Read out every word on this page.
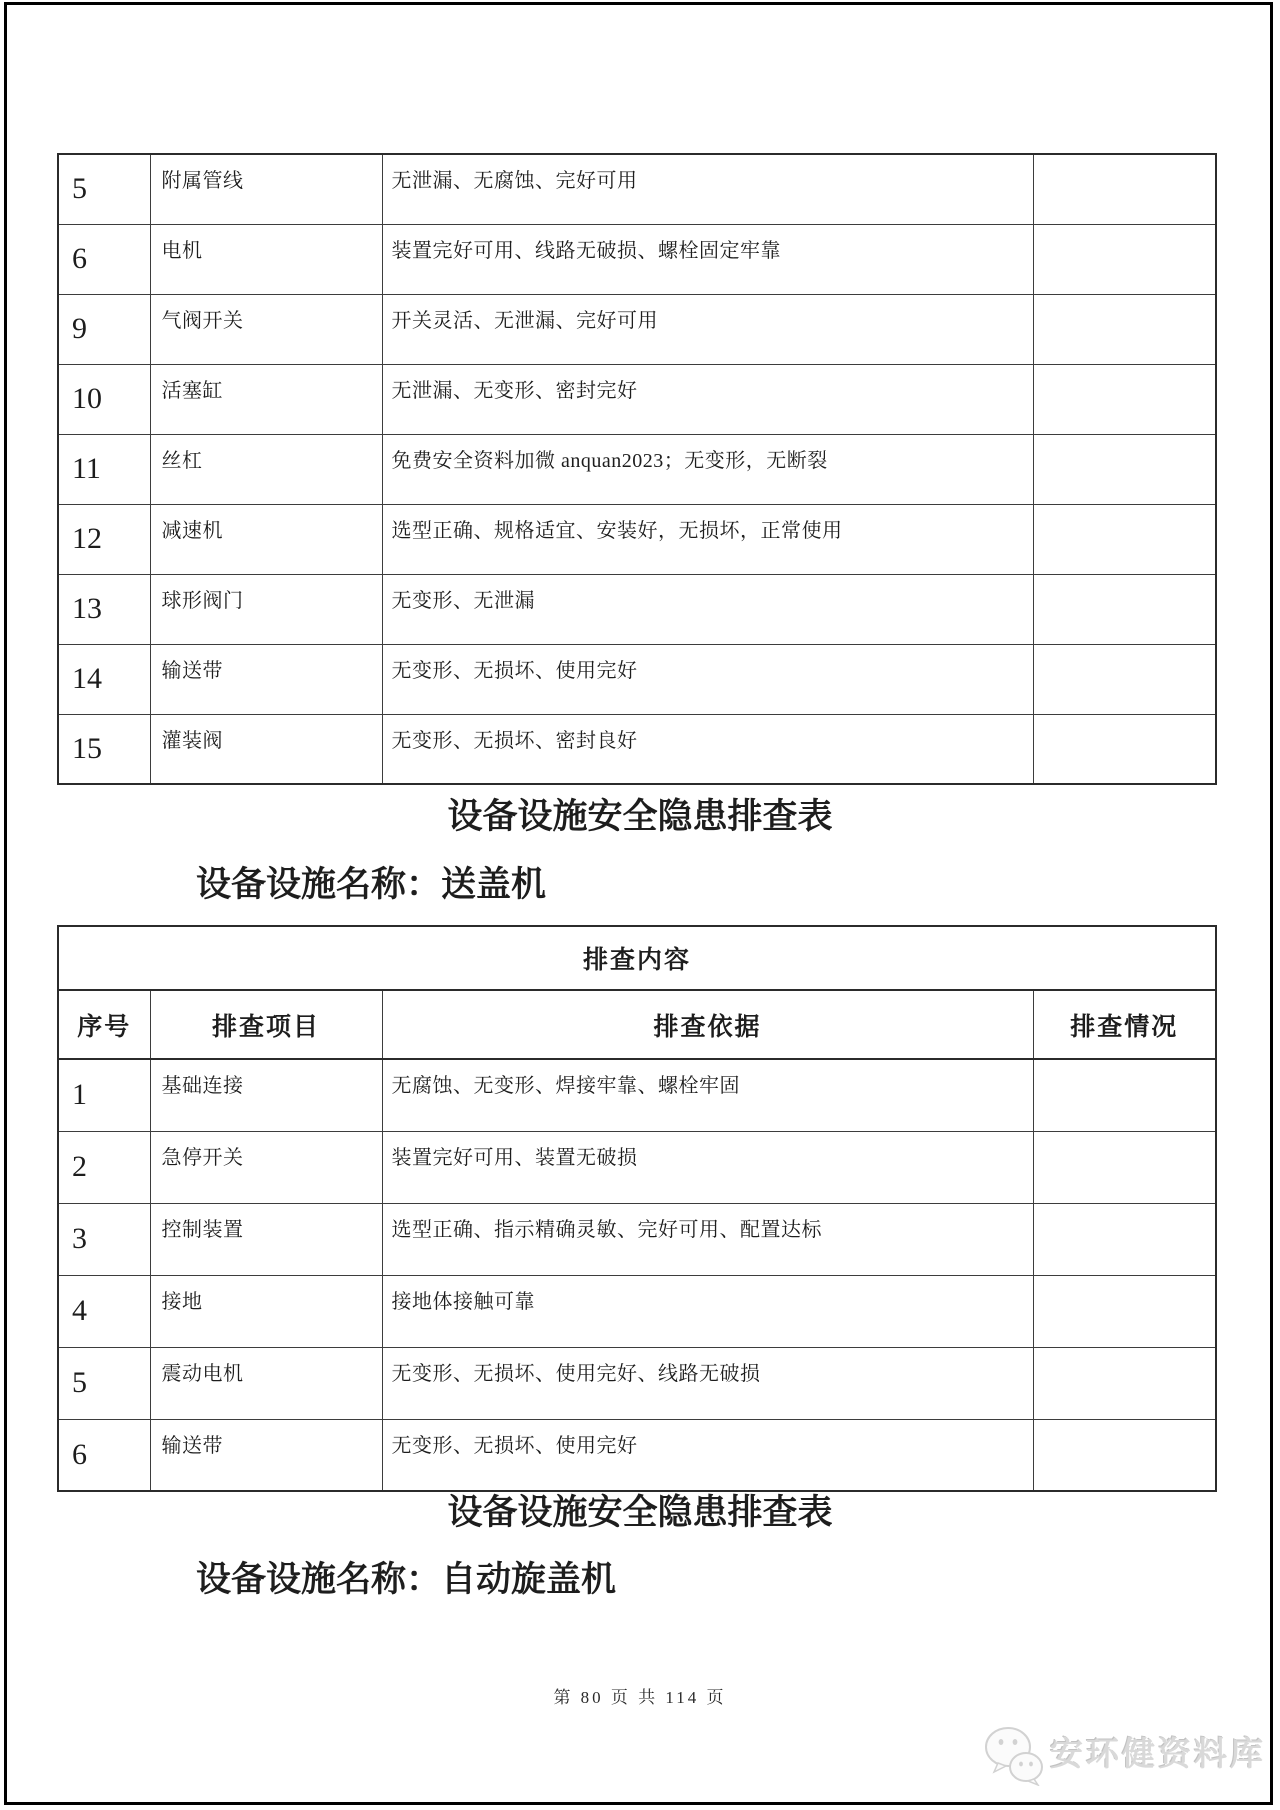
5	附属管线	无泄漏、无腐蚀、完好可用	
6	电机	装置完好可用、线路无破损、螺栓固定牢靠	
9	气阀开关	开关灵活、无泄漏、完好可用	
10	活塞缸	无泄漏、无变形、密封完好	
11	丝杠	免费安全资料加微 anquan2023；无变形，无断裂	
12	减速机	选型正确、规格适宜、安装好，无损坏，正常使用	
13	球形阀门	无变形、无泄漏	
14	输送带	无变形、无损坏、使用完好	
15	灌装阀	无变形、无损坏、密封良好	
设备设施安全隐患排查表
设备设施名称：送盖机
排查内容			
序号	排查项目	排查依据	排查情况
1	基础连接	无腐蚀、无变形、焊接牢靠、螺栓牢固	
2	急停开关	装置完好可用、装置无破损	
3	控制装置	选型正确、指示精确灵敏、完好可用、配置达标	
4	接地	接地体接触可靠	
5	震动电机	无变形、无损坏、使用完好、线路无破损	
6	输送带	无变形、无损坏、使用完好	
设备设施安全隐患排查表
设备设施名称：自动旋盖机
第 80 页 共 114 页
安环健资料库
